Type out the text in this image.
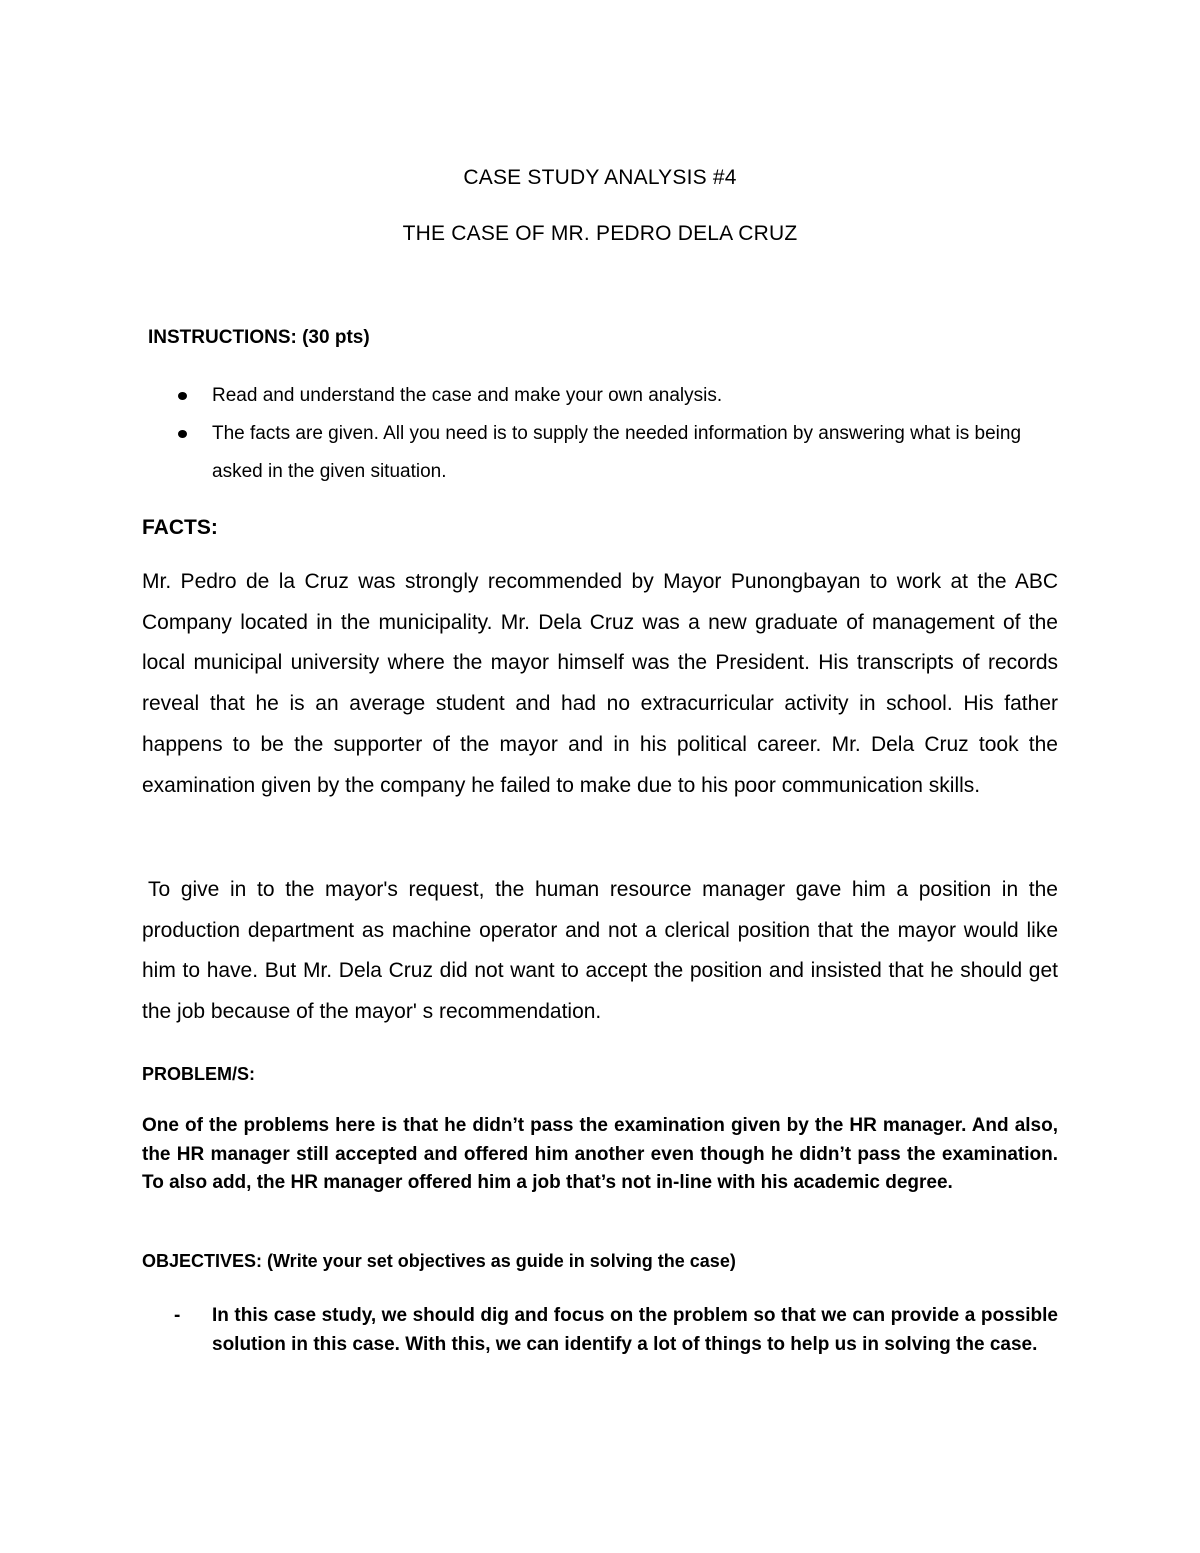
CASE STUDY ANALYSIS #4

THE CASE OF MR. PEDRO DELA CRUZ

INSTRUCTIONS: (30 pts)

Read and understand the case and make your own analysis.
The facts are given. All you need is to supply the needed information by answering what is being asked in the given situation.

FACTS:

Mr. Pedro de la Cruz was strongly recommended by Mayor Punongbayan to work at the ABC Company located in the municipality. Mr. Dela Cruz was a new graduate of management of the local municipal university where the mayor himself was the President. His transcripts of records reveal that he is an average student and had no extracurricular activity in school. His father happens to be the supporter of the mayor and in his political career. Mr. Dela Cruz took the examination given by the company he failed to make due to his poor communication skills.

To give in to the mayor's request, the human resource manager gave him a position in the production department as machine operator and not a clerical position that the mayor would like him to have. But Mr. Dela Cruz did not want to accept the position and insisted that he should get the job because of the mayor' s recommendation.

PROBLEM/S:

One of the problems here is that he didn’t pass the examination given by the HR manager. And also, the HR manager still accepted and offered him another even though he didn’t pass the examination. To also add, the HR manager offered him a job that’s not in-line with his academic degree.

OBJECTIVES: (Write your set objectives as guide in solving the case)

- In this case study, we should dig and focus on the problem so that we can provide a possible solution in this case. With this, we can identify a lot of things to help us in solving the case.
